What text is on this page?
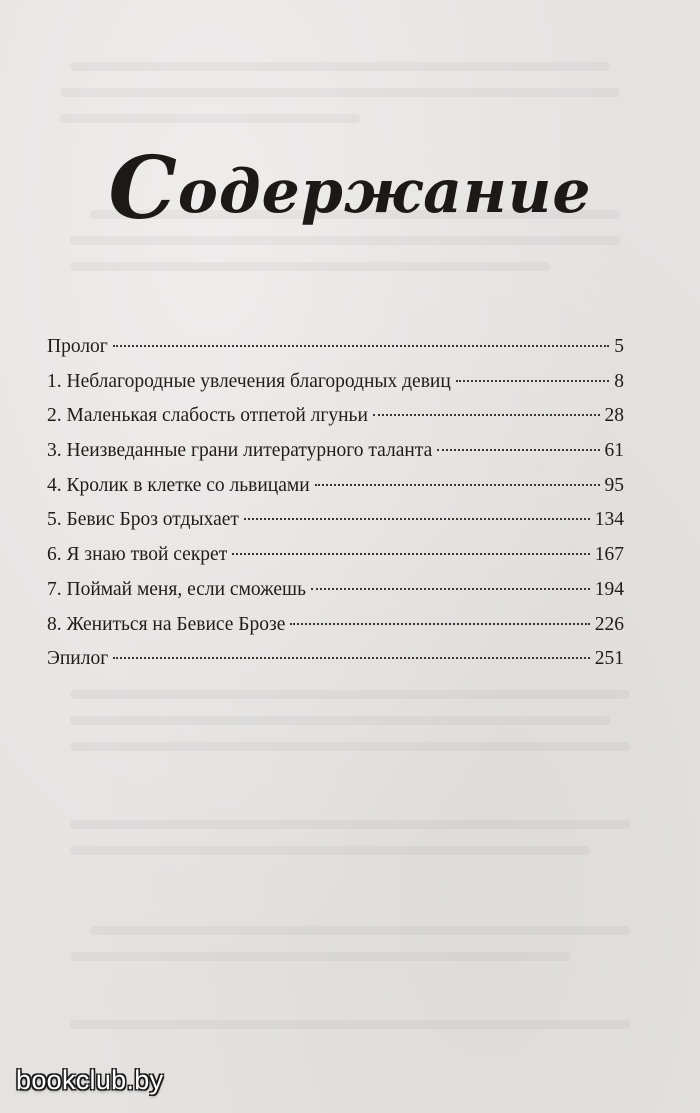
Содержание
Пролог	5
1. Неблагородные увлечения благородных девиц	8
2. Маленькая слабость отпетой лгуньи	28
3. Неизведанные грани литературного таланта	61
4. Кролик в клетке со львицами	95
5. Бевис Броз отдыхает	134
6. Я знаю твой секрет	167
7. Поймай меня, если сможешь	194
8. Жениться на Бевисе Брозе	226
Эпилог	251
bookclub.by
